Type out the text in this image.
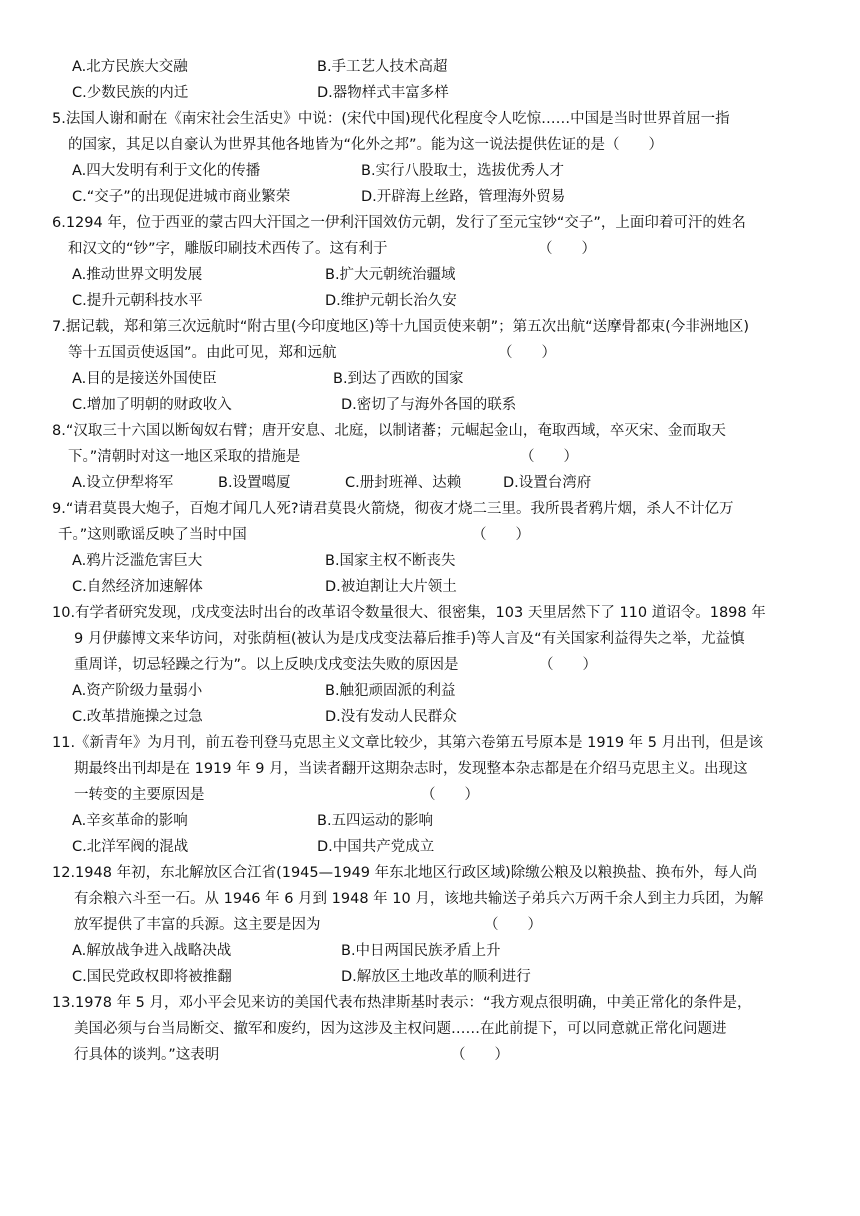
A.北方民族大交融	B.手工艺人技术高超
C.少数民族的内迁	D.器物样式丰富多样
5.法国人谢和耐在《南宋社会生活史》中说：(宋代中国)现代化程度令人吃惊……中国是当时世界首屈一指
的国家，其足以自豪认为世界其他各地皆为“化外之邦”。能为这一说法提供佐证的是（　　）
A.四大发明有利于文化的传播	B.实行八股取士，选拔优秀人才
C.“交子”的出现促进城市商业繁荣	D.开辟海上丝路，管理海外贸易
6.1294 年，位于西亚的蒙古四大汗国之一伊利汗国效仿元朝，发行了至元宝钞“交子”，上面印着可汗的姓名
和汉文的“钞”字，雕版印刷技术西传了。这有利于	（　　）
A.推动世界文明发展	B.扩大元朝统治疆域
C.提升元朝科技水平	D.维护元朝长治久安
7.据记载，郑和第三次远航时“附古里(今印度地区)等十九国贡使来朝”；第五次出航“送摩骨都束(今非洲地区)
等十五国贡使返国”。由此可见，郑和远航	（　　）
A.目的是接送外国使臣	B.到达了西欧的国家
C.增加了明朝的财政收入	D.密切了与海外各国的联系
8.“汉取三十六国以断匈奴右臂；唐开安息、北庭，以制诸蕃；元崛起金山，奄取西域，卒灭宋、金而取天
下。”清朝时对这一地区采取的措施是	（　　）
A.设立伊犁将军	B.设置噶厦	C.册封班禅、达赖	D.设置台湾府
9.“请君莫畏大炮子，百炮才闻几人死?请君莫畏火箭烧，彻夜才烧二三里。我所畏者鸦片烟，杀人不计亿万
千。”这则歌谣反映了当时中国	（　　）
A.鸦片泛滥危害巨大	B.国家主权不断丧失
C.自然经济加速解体	D.被迫割让大片领土
10.有学者研究发现，戊戌变法时出台的改革诏令数量很大、很密集，103 天里居然下了 110 道诏令。1898 年
9 月伊藤博文来华访问，对张荫桓(被认为是戊戌变法幕后推手)等人言及“有关国家利益得失之举，尤益慎
重周详，切忌轻躁之行为”。以上反映戊戌变法失败的原因是	（　　）
A.资产阶级力量弱小	B.触犯顽固派的利益
C.改革措施操之过急	D.没有发动人民群众
11.《新青年》为月刊，前五卷刊登马克思主义文章比较少，其第六卷第五号原本是 1919 年 5 月出刊，但是该
期最终出刊却是在 1919 年 9 月，当读者翻开这期杂志时，发现整本杂志都是在介绍马克思主义。出现这
一转变的主要原因是	（　　）
A.辛亥革命的影响	B.五四运动的影响
C.北洋军阀的混战	D.中国共产党成立
12.1948 年初，东北解放区合江省(1945—1949 年东北地区行政区域)除缴公粮及以粮换盐、换布外，每人尚
有余粮六斗至一石。从 1946 年 6 月到 1948 年 10 月，该地共输送子弟兵六万两千余人到主力兵团，为解
放军提供了丰富的兵源。这主要是因为	（　　）
A.解放战争进入战略决战	B.中日两国民族矛盾上升
C.国民党政权即将被推翻	D.解放区土地改革的顺利进行
13.1978 年 5 月，邓小平会见来访的美国代表布热津斯基时表示：“我方观点很明确，中美正常化的条件是，
美国必须与台当局断交、撤军和废约，因为这涉及主权问题……在此前提下，可以同意就正常化问题进
行具体的谈判。”这表明	（　　）
